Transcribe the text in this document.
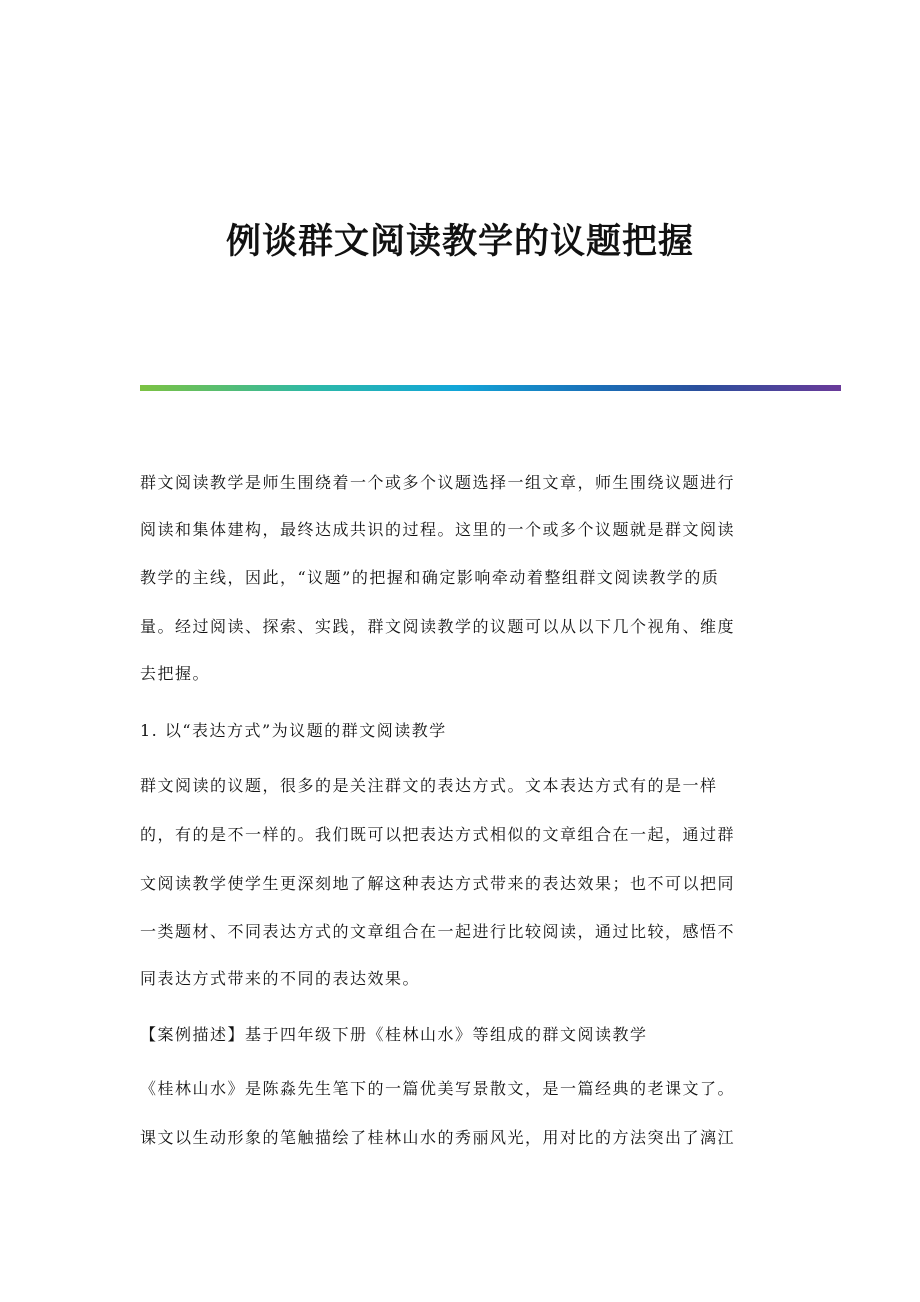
例谈群文阅读教学的议题把握
群文阅读教学是师生围绕着一个或多个议题选择一组文章，师生围绕议题进行
阅读和集体建构，最终达成共识的过程。这里的一个或多个议题就是群文阅读
教学的主线，因此，“议题”的把握和确定影响牵动着整组群文阅读教学的质
量。经过阅读、探索、实践，群文阅读教学的议题可以从以下几个视角、维度
去把握。
1. 以“表达方式”为议题的群文阅读教学
群文阅读的议题，很多的是关注群文的表达方式。文本表达方式有的是一样
的，有的是不一样的。我们既可以把表达方式相似的文章组合在一起，通过群
文阅读教学使学生更深刻地了解这种表达方式带来的表达效果；也不可以把同
一类题材、不同表达方式的文章组合在一起进行比较阅读，通过比较，感悟不
同表达方式带来的不同的表达效果。
【案例描述】基于四年级下册《桂林山水》等组成的群文阅读教学
《桂林山水》是陈淼先生笔下的一篇优美写景散文，是一篇经典的老课文了。
课文以生动形象的笔触描绘了桂林山水的秀丽风光，用对比的方法突出了漓江
